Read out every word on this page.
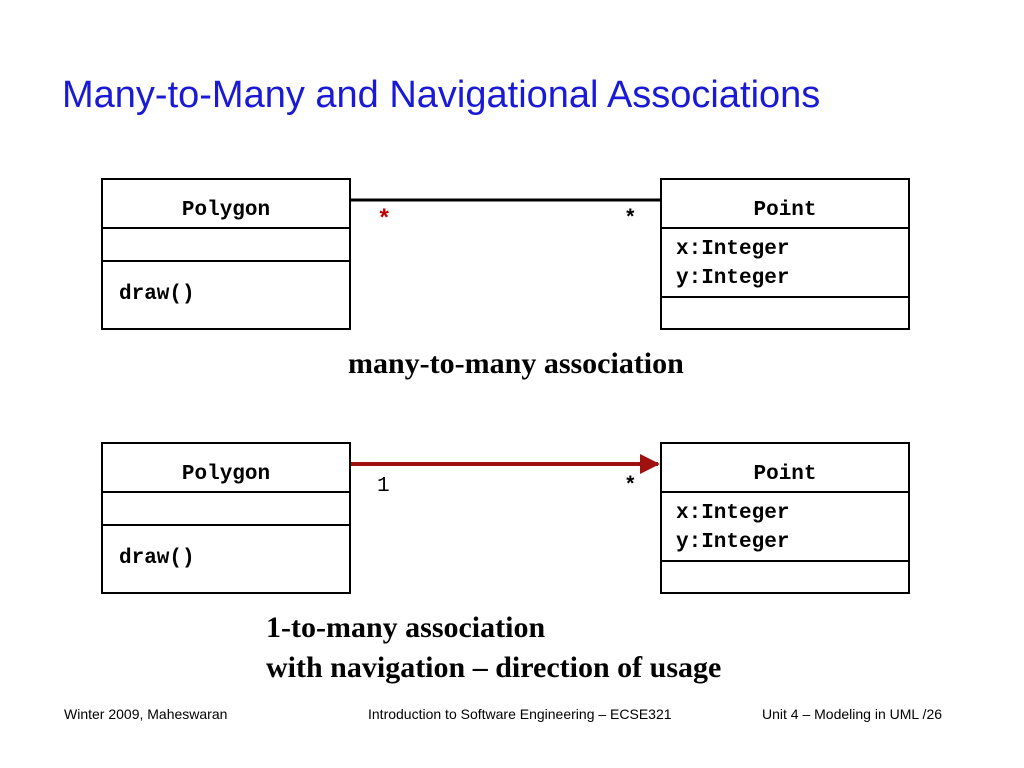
Many-to-Many and Navigational Associations
Polygon
draw()
Point
x:Integer
y:Integer
*	*
many-to-many association
Polygon
draw()
Point
x:Integer
y:Integer
1	*
1-to-many association
with navigation – direction of usage
Winter 2009, Maheswaran	Introduction to Software Engineering – ECSE321	Unit 4 – Modeling in UML /26
